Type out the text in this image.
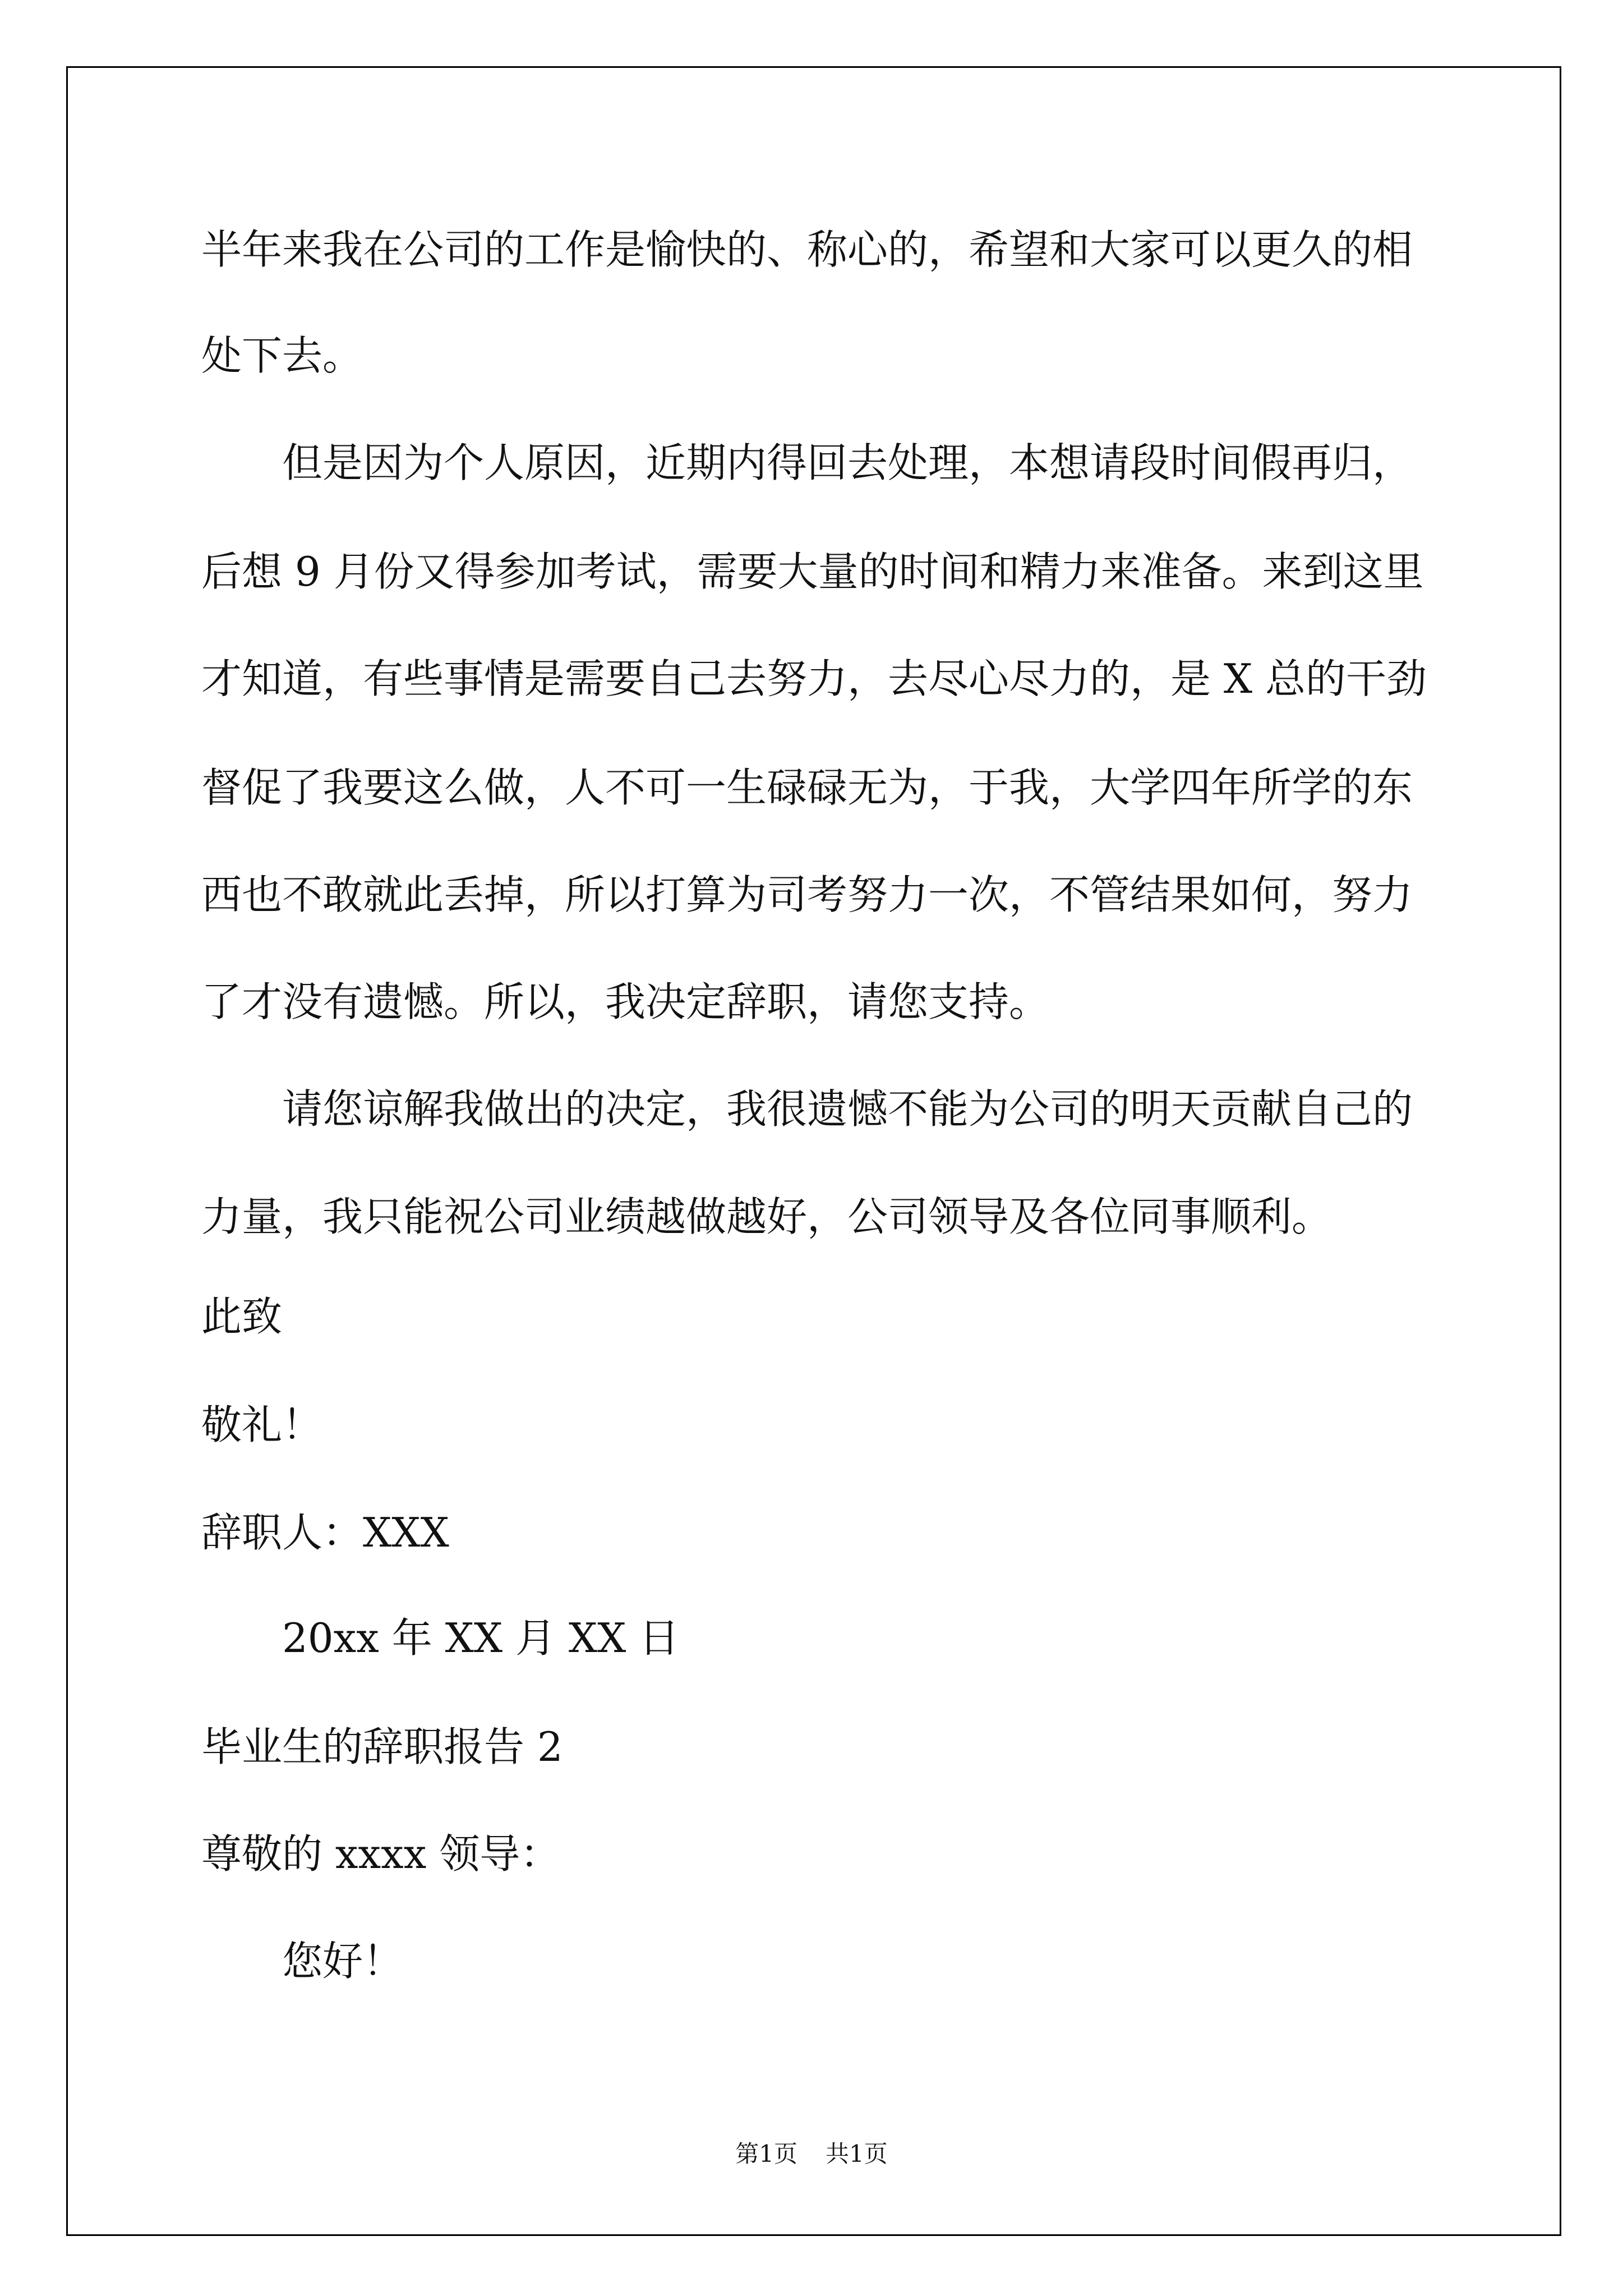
半年来我在公司的工作是愉快的、称心的，希望和大家可以更久的相
处下去。
但是因为个人原因，近期内得回去处理，本想请段时间假再归，
后想 9 月份又得参加考试，需要大量的时间和精力来准备。来到这里
才知道，有些事情是需要自己去努力，去尽心尽力的，是 X 总的干劲
督促了我要这么做，人不可一生碌碌无为，于我，大学四年所学的东
西也不敢就此丢掉，所以打算为司考努力一次，不管结果如何，努力
了才没有遗憾。所以，我决定辞职，请您支持。
请您谅解我做出的决定，我很遗憾不能为公司的明天贡献自己的
力量，我只能祝公司业绩越做越好，公司领导及各位同事顺利。
此致
敬礼！
辞职人：XXX
20xx 年 XX 月 XX 日
毕业生的辞职报告 2
尊敬的 xxxx 领导：
您好！
第1页 共1页
